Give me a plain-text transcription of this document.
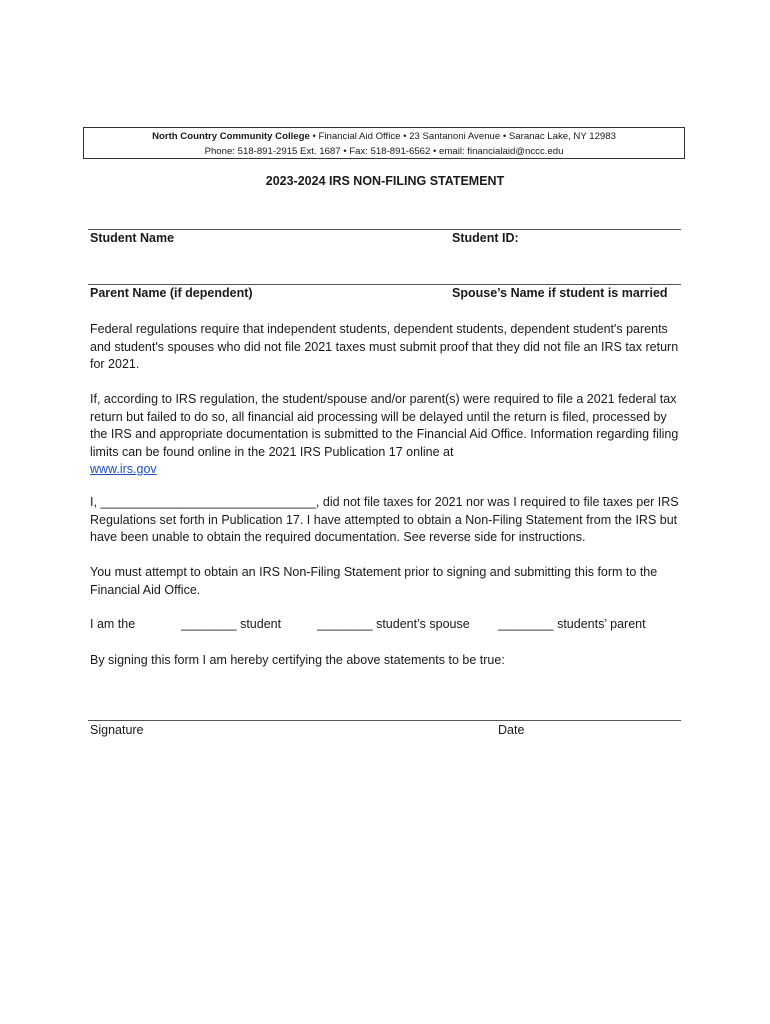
North Country Community College • Financial Aid Office • 23 Santanoni Avenue • Saranac Lake, NY 12983
Phone: 518-891-2915 Ext. 1687 • Fax: 518-891-6562 • email: financialaid@nccc.edu
2023-2024 IRS NON-FILING STATEMENT
Student Name	Student ID:
Parent Name (if dependent)	Spouse’s Name if student is married
Federal regulations require that independent students, dependent students, dependent student's parents and student's spouses who did not file 2021 taxes must submit proof that they did not file an IRS tax return for 2021.
If, according to IRS regulation, the student/spouse and/or parent(s) were required to file a 2021 federal tax return but failed to do so, all financial aid processing will be delayed until the return is filed, processed by the IRS and appropriate documentation is submitted to the Financial Aid Office. Information regarding filing limits can be found online in the 2021 IRS Publication 17 online at
www.irs.gov
I, _______________________________, did not file taxes for 2021 nor was I required to file taxes per IRS Regulations set forth in Publication 17. I have attempted to obtain a Non-Filing Statement from the IRS but have been unable to obtain the required documentation. See reverse side for instructions.
You must attempt to obtain an IRS Non-Filing Statement prior to signing and submitting this form to the Financial Aid Office.
I am the	________ student	________ student’s spouse ________ students’ parent
By signing this form I am hereby certifying the above statements to be true:
Signature	Date
